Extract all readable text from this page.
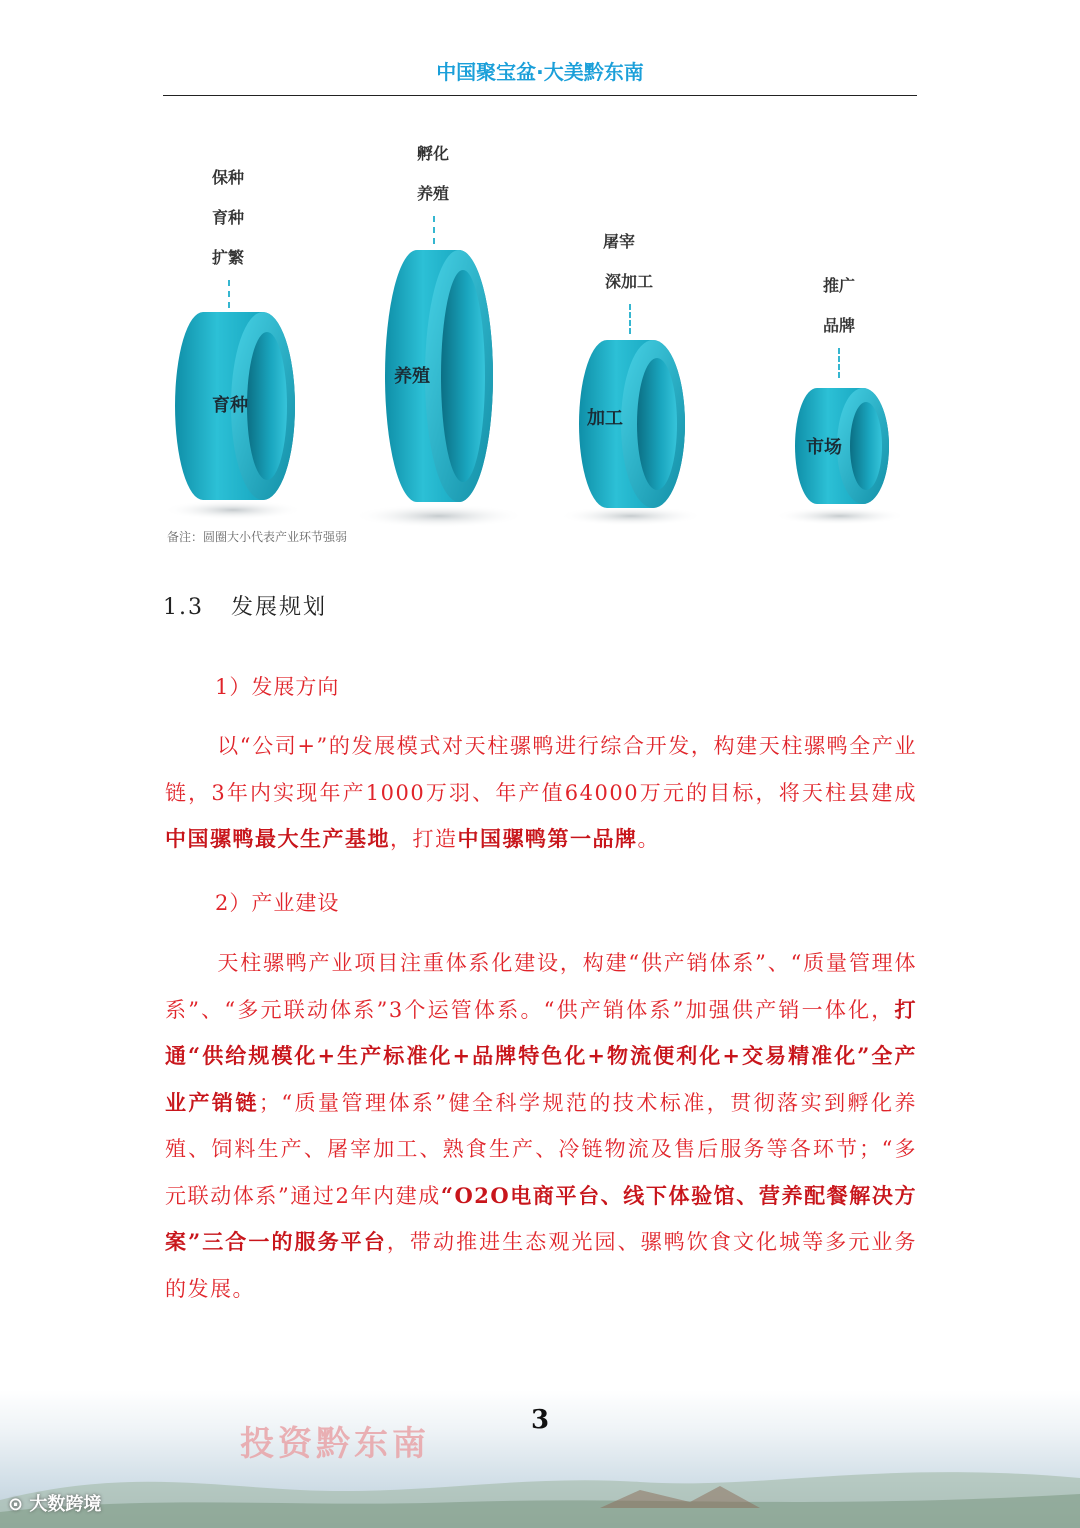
中国聚宝盆·大美黔东南
保种
育种
扩繁
孵化
养殖
屠宰
深加工	推广
品牌
育种
养殖
加工
市场
备注：圆圈大小代表产业环节强弱
1.3 发展规划
1）发展方向
以“公司+”的发展模式对天柱骡鸭进行综合开发，构建天柱骡鸭全产业链，3年内实现年产1000万羽、年产值64000万元的目标，将天柱县建成中国骡鸭最大生产基地，打造中国骡鸭第一品牌。
2）产业建设
天柱骡鸭产业项目注重体系化建设，构建“供产销体系”、“质量管理体系”、“多元联动体系”3个运管体系。“供产销体系”加强供产销一体化，打通“供给规模化+生产标准化+品牌特色化+物流便利化+交易精准化”全产业产销链；“质量管理体系”健全科学规范的技术标准，贯彻落实到孵化养殖、饲料生产、屠宰加工、熟食生产、冷链物流及售后服务等各环节；“多元联动体系”通过2年内建成“O2O电商平台、线下体验馆、营养配餐解决方案”三合一的服务平台，带动推进生态观光园、骡鸭饮食文化城等多元业务的发展。
3
投资黔东南
⊙ 大数跨境
